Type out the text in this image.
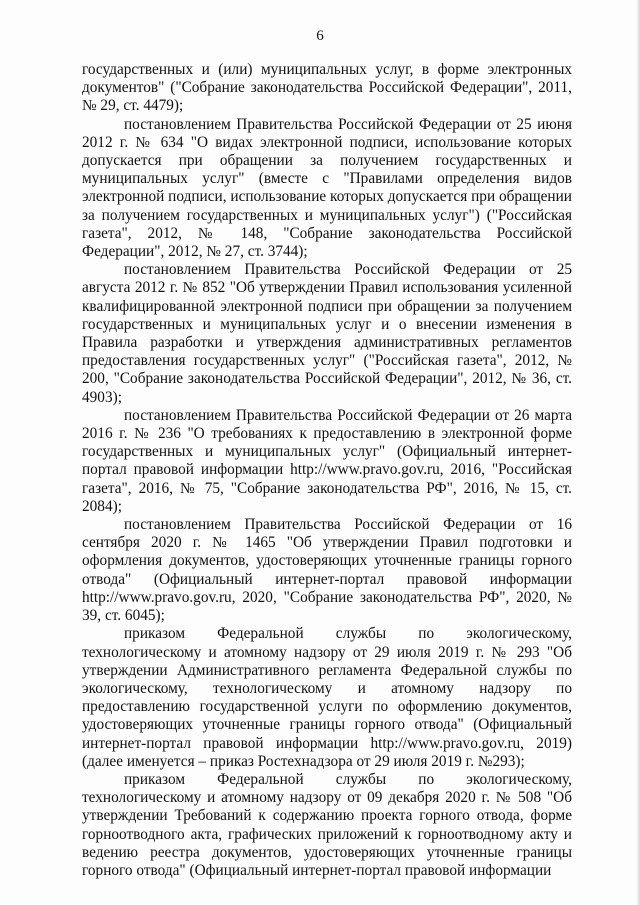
6

государственных и (или) муниципальных услуг, в форме электронных документов" ("Собрание законодательства Российской Федерации", 2011, № 29, ст. 4479);

постановлением Правительства Российской Федерации от 25 июня 2012 г. № 634 "О видах электронной подписи, использование которых допускается при обращении за получением государственных и муниципальных услуг" (вместе с "Правилами определения видов электронной подписи, использование которых допускается при обращении за получением государственных и муниципальных услуг") ("Российская газета", 2012, № 148, "Собрание законодательства Российской Федерации", 2012, № 27, ст. 3744);

постановлением Правительства Российской Федерации от 25 августа 2012 г. № 852 "Об утверждении Правил использования усиленной квалифицированной электронной подписи при обращении за получением государственных и муниципальных услуг и о внесении изменения в Правила разработки и утверждения административных регламентов предоставления государственных услуг" ("Российская газета", 2012, № 200, "Собрание законодательства Российской Федерации", 2012, № 36, ст. 4903);

постановлением Правительства Российской Федерации от 26 марта 2016 г. № 236 "О требованиях к предоставлению в электронной форме государственных и муниципальных услуг" (Официальный интернет-портал правовой информации http://www.pravo.gov.ru, 2016, "Российская газета", 2016, № 75, "Собрание законодательства РФ", 2016, № 15, ст. 2084);

постановлением Правительства Российской Федерации от 16 сентября 2020 г. № 1465 "Об утверждении Правил подготовки и оформления документов, удостоверяющих уточненные границы горного отвода" (Официальный интернет-портал правовой информации http://www.pravo.gov.ru, 2020, "Собрание законодательства РФ", 2020, № 39, ст. 6045);

приказом Федеральной службы по экологическому, технологическому и атомному надзору от 29 июля 2019 г. № 293 "Об утверждении Административного регламента Федеральной службы по экологическому, технологическому и атомному надзору по предоставлению государственной услуги по оформлению документов, удостоверяющих уточненные границы горного отвода" (Официальный интернет-портал правовой информации http://www.pravo.gov.ru, 2019) (далее именуется – приказ Ростехнадзора от 29 июля 2019 г. №293);

приказом Федеральной службы по экологическому, технологическому и атомному надзору от 09 декабря 2020 г. № 508 "Об утверждении Требований к содержанию проекта горного отвода, форме горноотводного акта, графических приложений к горноотводному акту и ведению реестра документов, удостоверяющих уточненные границы горного отвода" (Официальный интернет-портал правовой информации
